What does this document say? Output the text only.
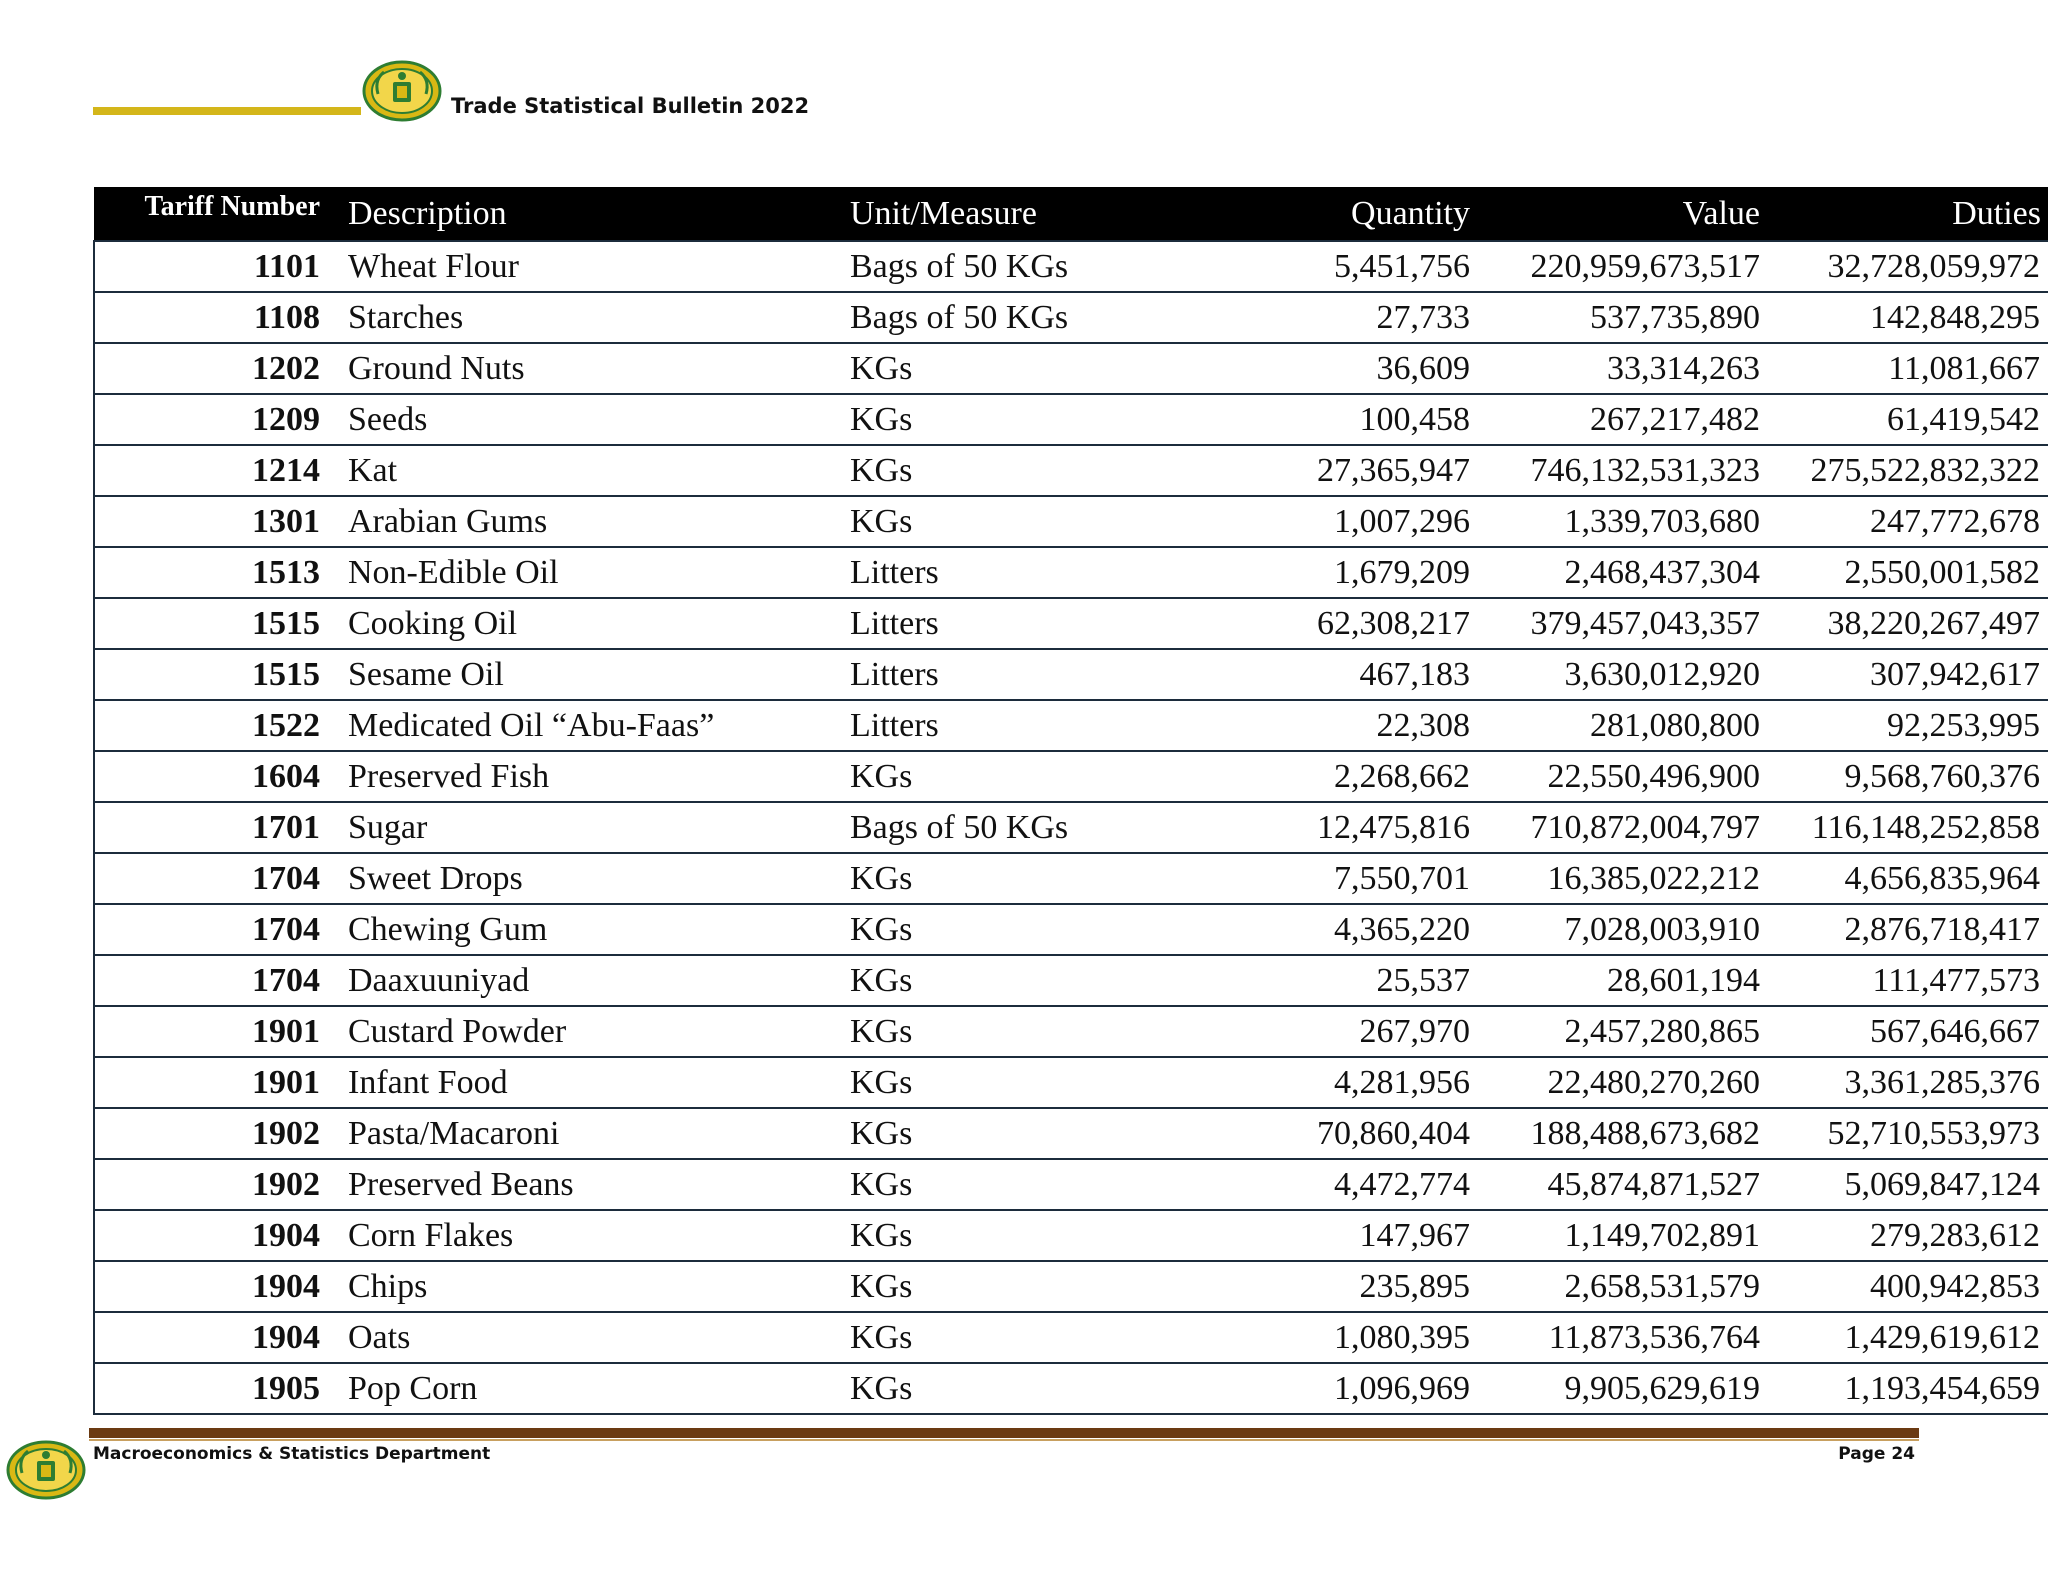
Trade Statistical Bulletin 2022
Tariff Number	Description	Unit/Measure	Quantity	Value	Duties
1101	Wheat Flour	Bags of 50 KGs	5,451,756	220,959,673,517	32,728,059,972
1108	Starches	Bags of 50 KGs	27,733	537,735,890	142,848,295
1202	Ground Nuts	KGs	36,609	33,314,263	11,081,667
1209	Seeds	KGs	100,458	267,217,482	61,419,542
1214	Kat	KGs	27,365,947	746,132,531,323	275,522,832,322
1301	Arabian Gums	KGs	1,007,296	1,339,703,680	247,772,678
1513	Non-Edible Oil	Litters	1,679,209	2,468,437,304	2,550,001,582
1515	Cooking Oil	Litters	62,308,217	379,457,043,357	38,220,267,497
1515	Sesame Oil	Litters	467,183	3,630,012,920	307,942,617
1522	Medicated Oil “Abu-Faas”	Litters	22,308	281,080,800	92,253,995
1604	Preserved Fish	KGs	2,268,662	22,550,496,900	9,568,760,376
1701	Sugar	Bags of 50 KGs	12,475,816	710,872,004,797	116,148,252,858
1704	Sweet Drops	KGs	7,550,701	16,385,022,212	4,656,835,964
1704	Chewing Gum	KGs	4,365,220	7,028,003,910	2,876,718,417
1704	Daaxuuniyad	KGs	25,537	28,601,194	111,477,573
1901	Custard Powder	KGs	267,970	2,457,280,865	567,646,667
1901	Infant Food	KGs	4,281,956	22,480,270,260	3,361,285,376
1902	Pasta/Macaroni	KGs	70,860,404	188,488,673,682	52,710,553,973
1902	Preserved Beans	KGs	4,472,774	45,874,871,527	5,069,847,124
1904	Corn Flakes	KGs	147,967	1,149,702,891	279,283,612
1904	Chips	KGs	235,895	2,658,531,579	400,942,853
1904	Oats	KGs	1,080,395	11,873,536,764	1,429,619,612
1905	Pop Corn	KGs	1,096,969	9,905,629,619	1,193,454,659
Macroeconomics & Statistics Department	Page 24
